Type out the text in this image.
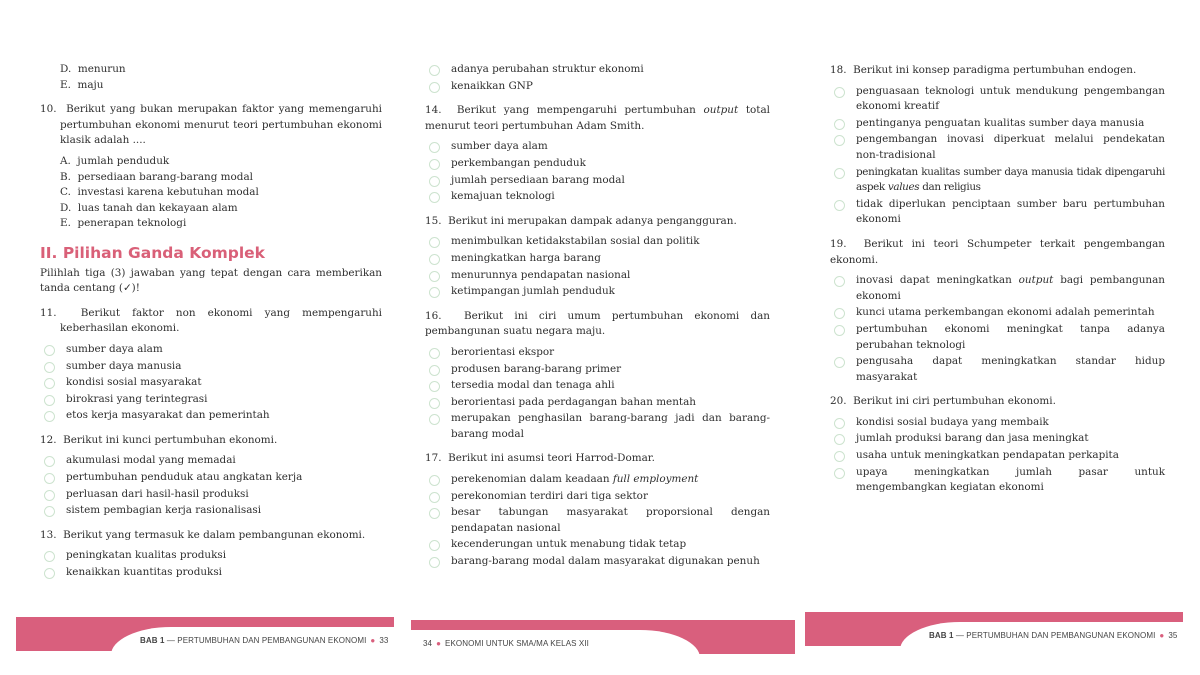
D. menurun
E. maju
10. Berikut yang bukan merupakan faktor yang memengaruhi pertumbuhan ekonomi menurut teori pertumbuhan ekonomi klasik adalah ....
A. jumlah penduduk
B. persediaan barang-barang modal
C. investasi karena kebutuhan modal
D. luas tanah dan kekayaan alam
E. penerapan teknologi
II. Pilihan Ganda Komplek
Pilihlah tiga (3) jawaban yang tepat dengan cara memberikan tanda centang (✓)!
11. Berikut faktor non ekonomi yang mempengaruhi keberhasilan ekonomi.
sumber daya alam
sumber daya manusia
kondisi sosial masyarakat
birokrasi yang terintegrasi
etos kerja masyarakat dan pemerintah
12. Berikut ini kunci pertumbuhan ekonomi.
akumulasi modal yang memadai
pertumbuhan penduduk atau angkatan kerja
perluasan dari hasil-hasil produksi
sistem pembagian kerja rasionalisasi
13. Berikut yang termasuk ke dalam pembangunan ekonomi.
peningkatan kualitas produksi
kenaikkan kuantitas produksi
BAB 1 — PERTUMBUHAN DAN PEMBANGUNAN EKONOMI ● 33
adanya perubahan struktur ekonomi
kenaikkan GNP
14. Berikut yang mempengaruhi pertumbuhan output total menurut teori pertumbuhan Adam Smith.
sumber daya alam
perkembangan penduduk
jumlah persediaan barang modal
kemajuan teknologi
15. Berikut ini merupakan dampak adanya pengangguran.
menimbulkan ketidakstabilan sosial dan politik
meningkatkan harga barang
menurunnya pendapatan nasional
ketimpangan jumlah penduduk
16. Berikut ini ciri umum pertumbuhan ekonomi dan pembangunan suatu negara maju.
berorientasi ekspor
produsen barang-barang primer
tersedia modal dan tenaga ahli
berorientasi pada perdagangan bahan mentah
merupakan penghasilan barang-barang jadi dan barang-barang modal
17. Berikut ini asumsi teori Harrod-Domar.
perekenomian dalam keadaan full employment
perekonomian terdiri dari tiga sektor
besar tabungan masyarakat proporsional dengan pendapatan nasional
kecenderungan untuk menabung tidak tetap
barang-barang modal dalam masyarakat digunakan penuh
34 ● EKONOMI UNTUK SMA/MA KELAS XII
18. Berikut ini konsep paradigma pertumbuhan endogen.
penguasaan teknologi untuk mendukung pengembangan ekonomi kreatif
pentinganya penguatan kualitas sumber daya manusia
pengembangan inovasi diperkuat melalui pendekatan non-tradisional
peningkatan kualitas sumber daya manusia tidak dipengaruhi aspek values dan religius
tidak diperlukan penciptaan sumber baru pertumbuhan ekonomi
19. Berikut ini teori Schumpeter terkait pengembangan ekonomi.
inovasi dapat meningkatkan output bagi pembangunan ekonomi
kunci utama perkembangan ekonomi adalah pemerintah
pertumbuhan ekonomi meningkat tanpa adanya perubahan teknologi
pengusaha dapat meningkatkan standar hidup masyarakat
20. Berikut ini ciri pertumbuhan ekonomi.
kondisi sosial budaya yang membaik
jumlah produksi barang dan jasa meningkat
usaha untuk meningkatkan pendapatan perkapita
upaya meningkatkan jumlah pasar untuk mengembangkan kegiatan ekonomi
BAB 1 — PERTUMBUHAN DAN PEMBANGUNAN EKONOMI ● 35
